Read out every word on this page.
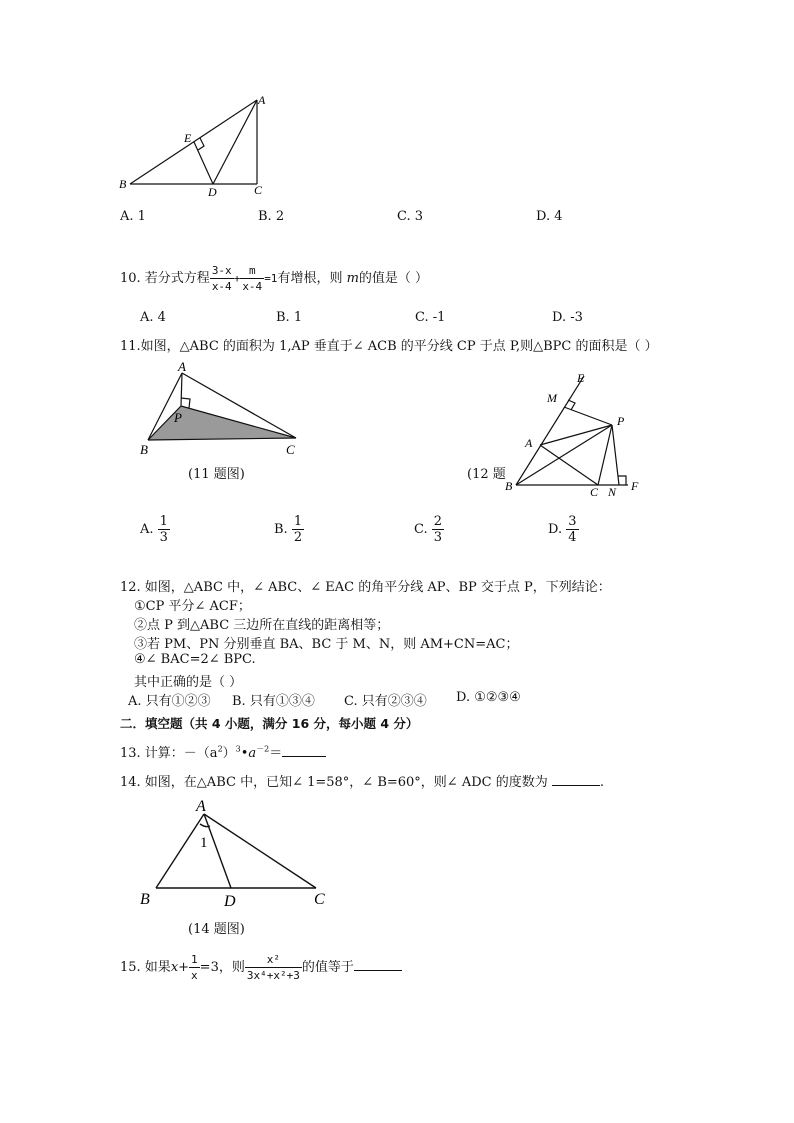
A
E
B
D	C
A. 1	B. 2	C. 3	D. 4
10. 若分式方程 $\frac{3-x}{x-4} + \frac{m}{x-4} =1$有增根，则 m的值是（ ）
A. 4	B. 1	C. -1	D. -3
11.如图，△ABC 的面积为 1,AP 垂直于∠ ACB 的平分线 CP 于点 P,则△BPC 的面积是（ ）
A
P
B	C
(11 题图)
E
M
P
A
B	C N F
(12 题
A. $\frac{1}{3}$	B. $\frac{1}{2}$	C. $\frac{2}{3}$	D. $\frac{3}{4}$
12. 如图，△ABC 中，∠ ABC、∠ EAC 的角平分线 AP、BP 交于点 P，下列结论：
①CP 平分∠ ACF；
②点 P 到△ABC 三边所在直线的距离相等；
③若 PM、PN 分别垂直 BA、BC 于 M、N，则 AM+CN=AC；
④∠ BAC=2∠ BPC.
其中正确的是（ ）
A. 只有①②③ B. 只有①③④ C. 只有②③④ D. ①②③④
二．填空题（共 4 小题，满分 16 分，每小题 4 分）
13. 计算：$-(a^2)^3•a^{-2}=$
14. 如图，在△ABC 中，已知∠ 1=58°，∠ B=60°，则∠ ADC 的度数为	.
A
1
B	D	C
(14 题图)
15. 如果$x+ \frac{1}{x} =3$，则 $\frac{\text{x²}}{\text{3x⁴+x²+3}}$ 的值等于
